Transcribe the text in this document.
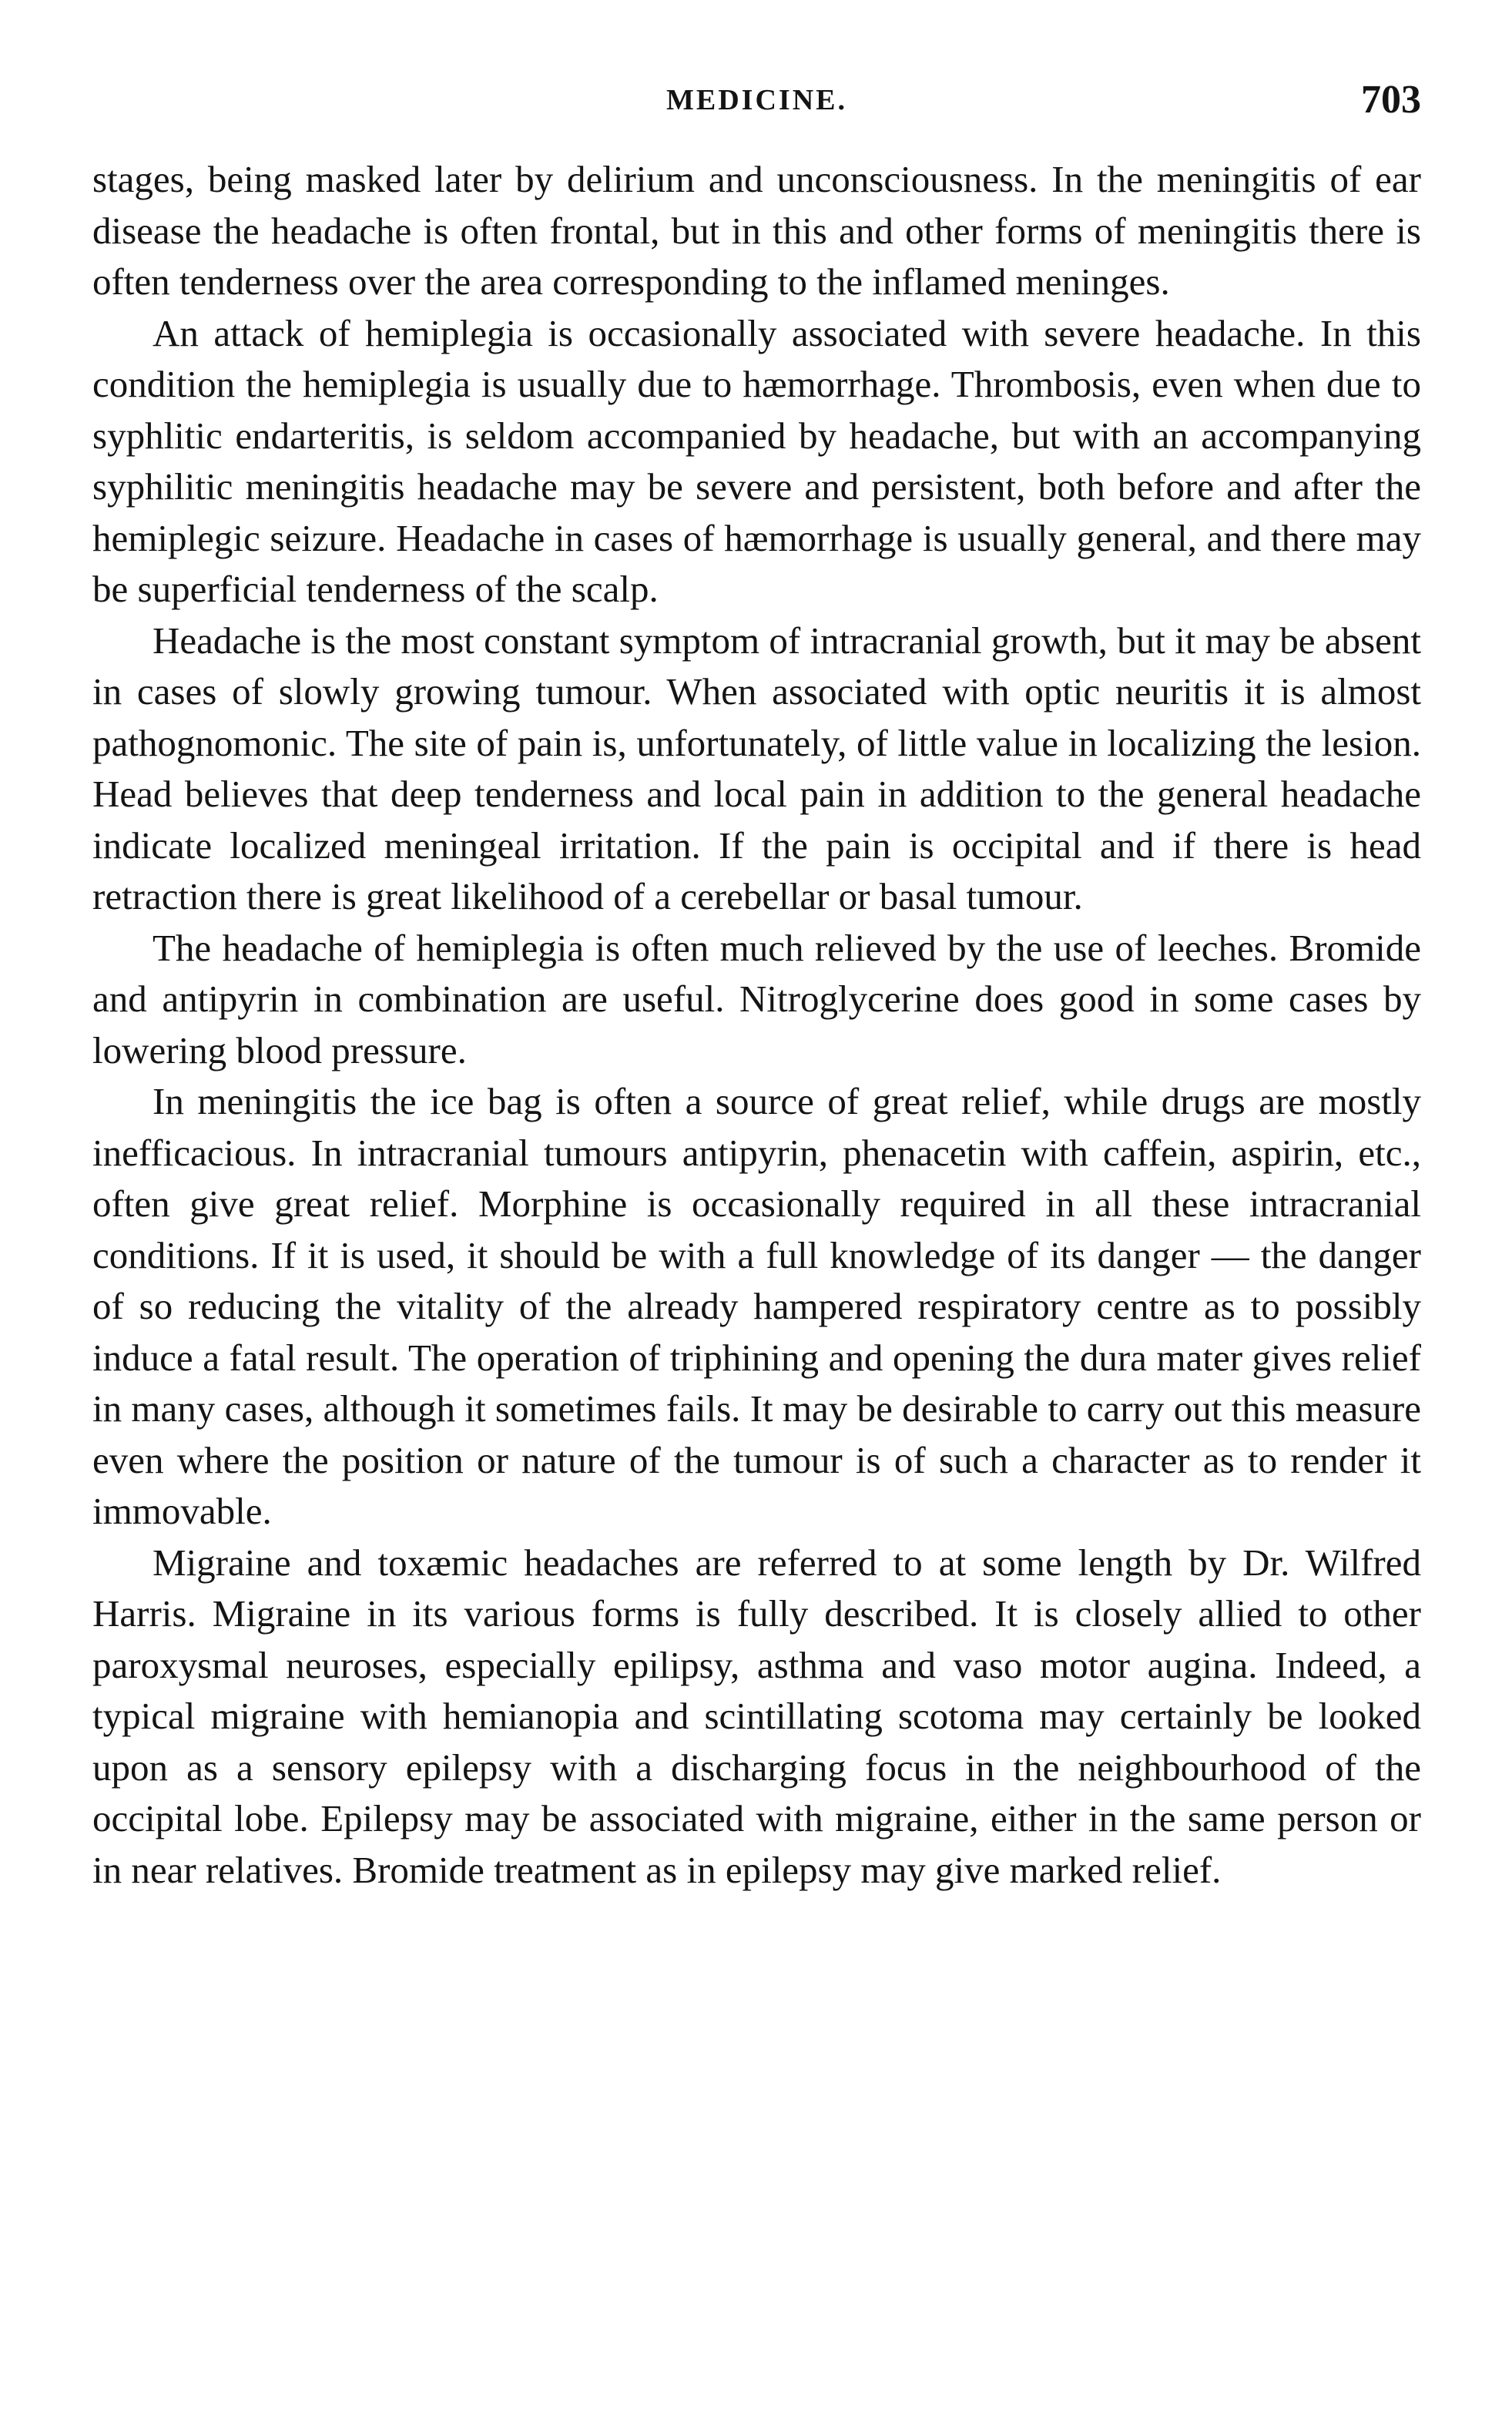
MEDICINE.	703

stages, being masked later by delirium and unconsciousness. In the meningitis of ear disease the headache is often frontal, but in this and other forms of meningitis there is often tenderness over the area corresponding to the inflamed meninges.

An attack of hemiplegia is occasionally associated with severe headache. In this condition the hemiplegia is usually due to hæmorrhage. Thrombosis, even when due to syphlitic endarteritis, is seldom accompanied by headache, but with an accompanying syphilitic meningitis headache may be severe and persistent, both before and after the hemiplegic seizure. Headache in cases of hæmorrhage is usually general, and there may be superficial tenderness of the scalp.

Headache is the most constant symptom of intracranial growth, but it may be absent in cases of slowly growing tumour. When associated with optic neuritis it is almost pathognomonic. The site of pain is, unfortunately, of little value in localizing the lesion. Head believes that deep tenderness and local pain in addition to the general headache indicate localized meningeal irritation. If the pain is occipital and if there is head retraction there is great likelihood of a cerebellar or basal tumour.

The headache of hemiplegia is often much relieved by the use of leeches. Bromide and antipyrin in combination are useful. Nitroglycerine does good in some cases by lowering blood pressure.

In meningitis the ice bag is often a source of great relief, while drugs are mostly inefficacious. In intracranial tumours antipyrin, phenacetin with caffein, aspirin, etc., often give great relief. Morphine is occasionally required in all these intracranial conditions. If it is used, it should be with a full knowledge of its danger — the danger of so reducing the vitality of the already hampered respiratory centre as to possibly induce a fatal result. The operation of triphining and opening the dura mater gives relief in many cases, although it sometimes fails. It may be desirable to carry out this measure even where the position or nature of the tumour is of such a character as to render it immovable.

Migraine and toxæmic headaches are referred to at some length by Dr. Wilfred Harris. Migraine in its various forms is fully described. It is closely allied to other paroxysmal neuroses, especially epilipsy, asthma and vaso motor augina. Indeed, a typical migraine with hemianopia and scintillating scotoma may certainly be looked upon as a sensory epilepsy with a discharging focus in the neighbourhood of the occipital lobe. Epilepsy may be associated with migraine, either in the same person or in near relatives. Bromide treatment as in epilepsy may give marked relief.
